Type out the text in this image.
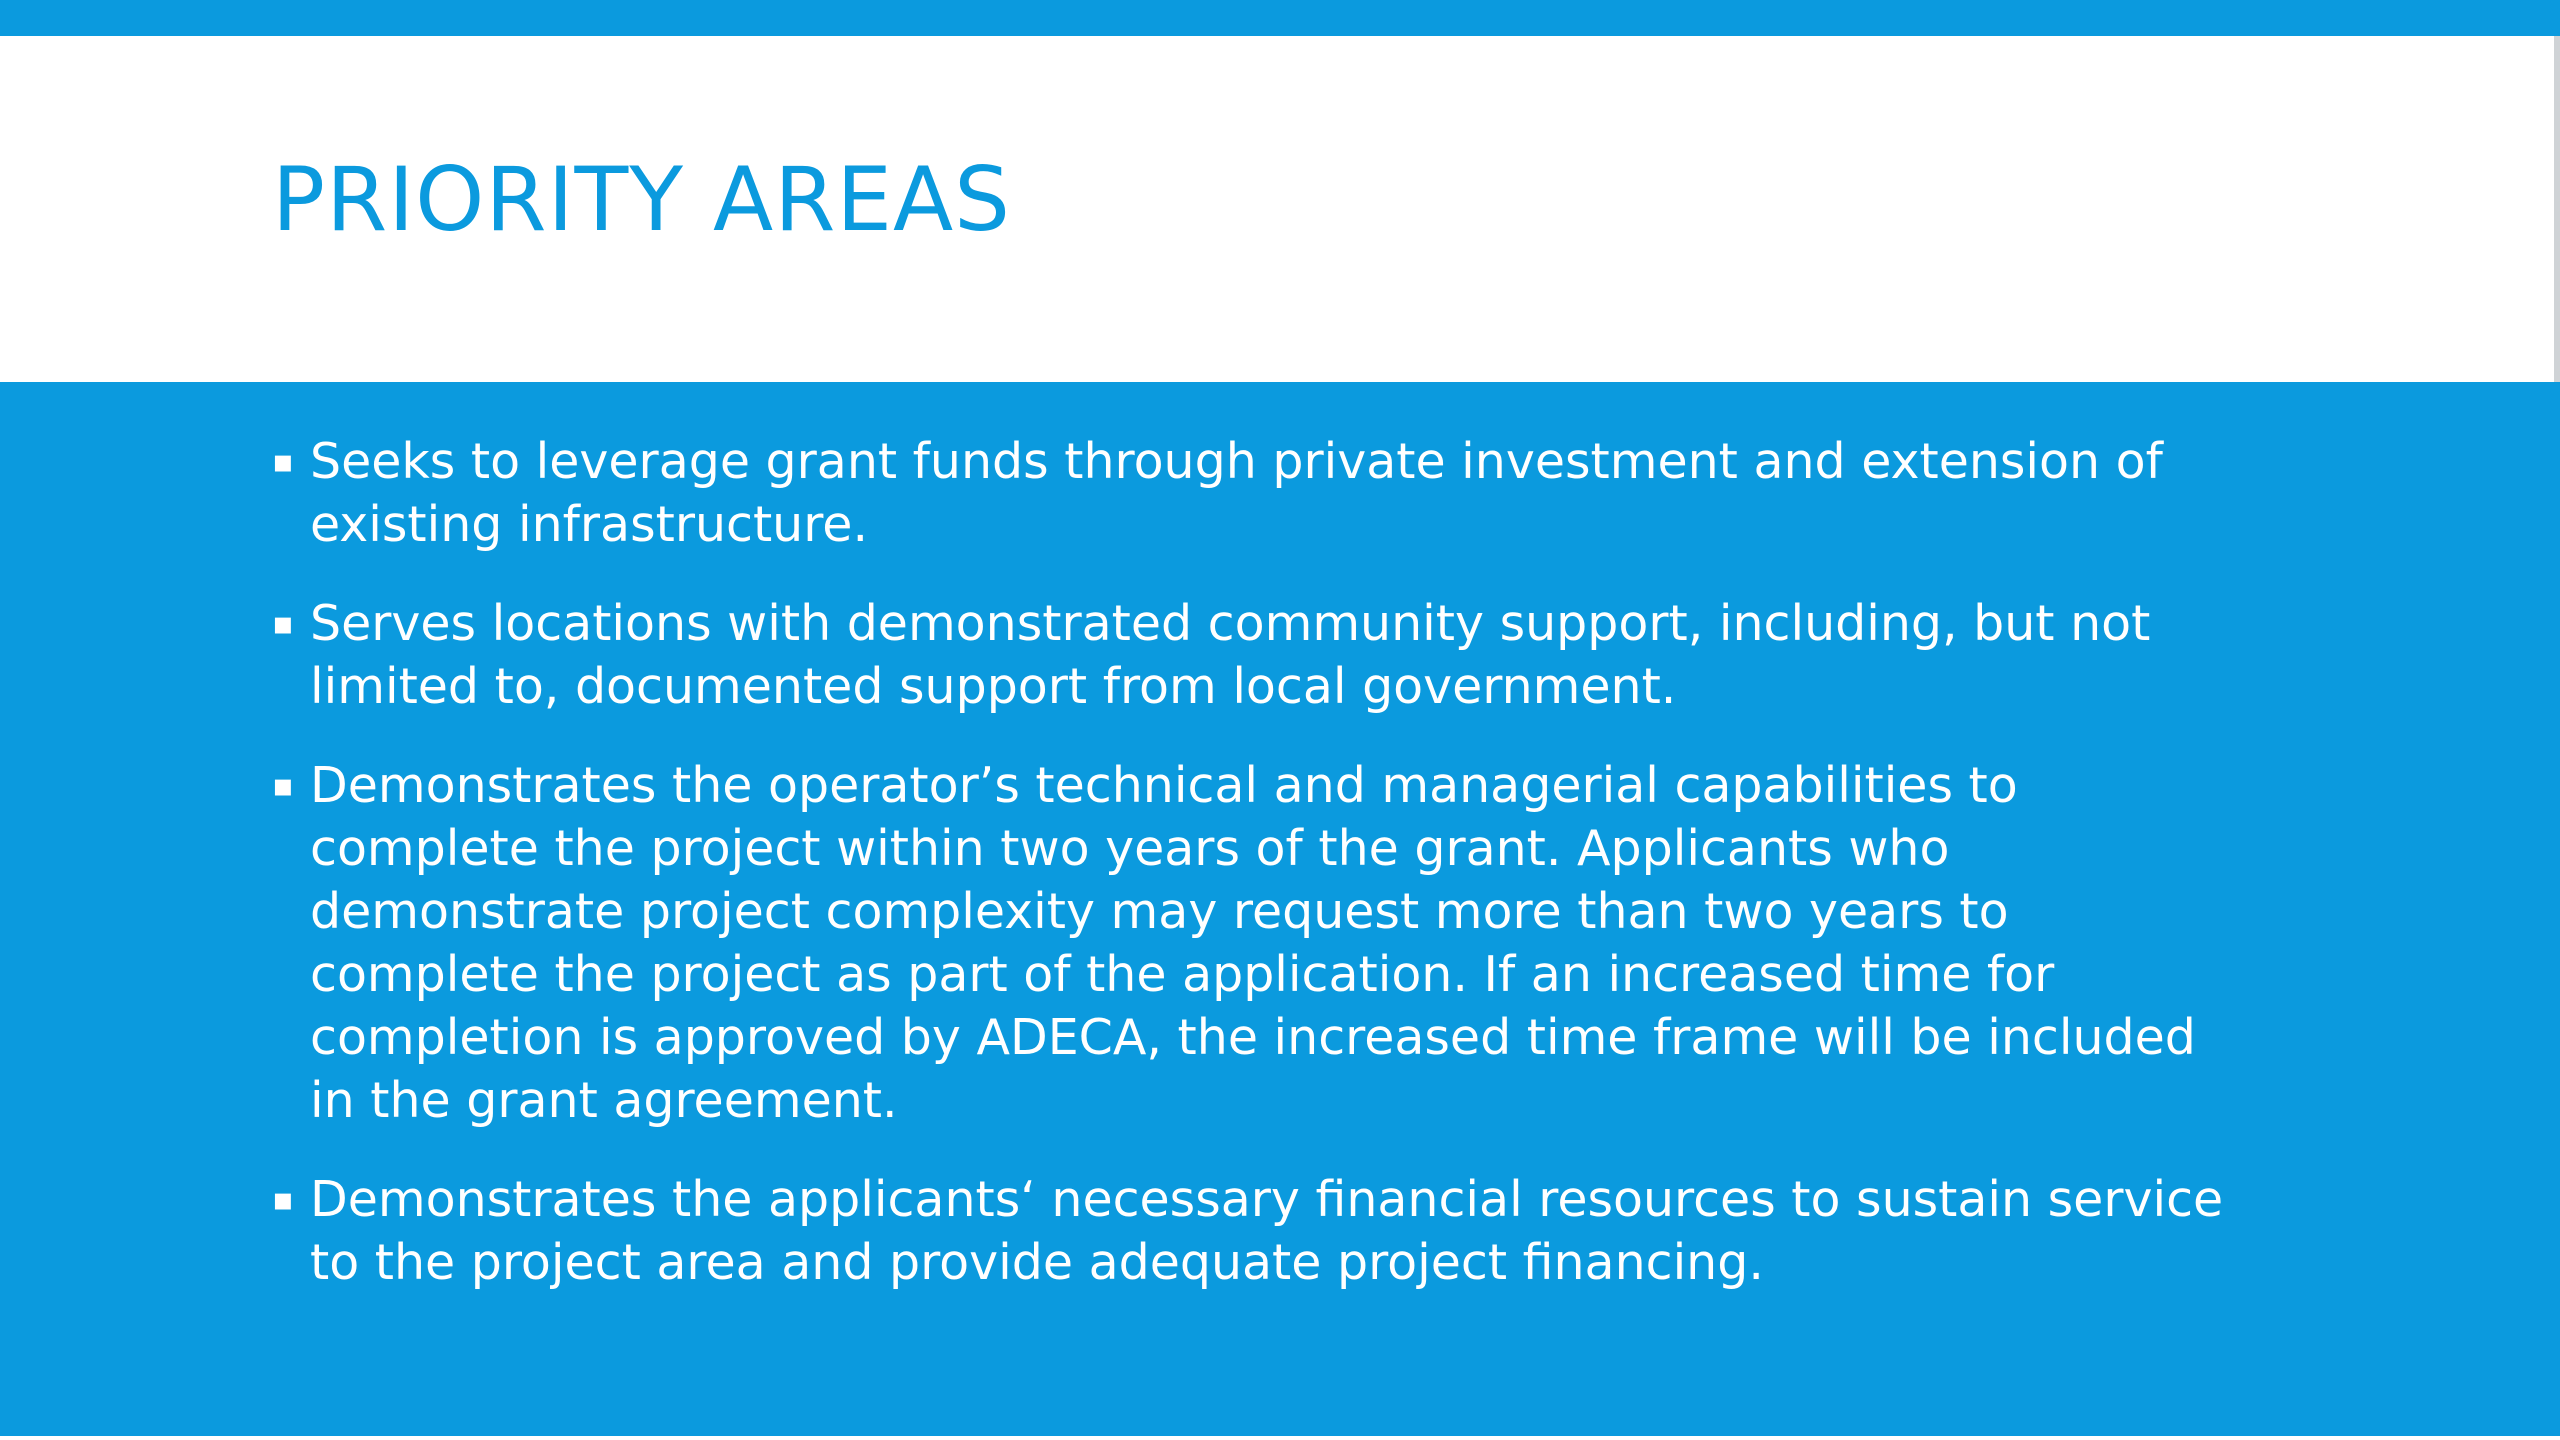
PRIORITY AREAS
▪ Seeks to leverage grant funds through private investment and extension of existing infrastructure.
▪ Serves locations with demonstrated community support, including, but not limited to, documented support from local government.
▪ Demonstrates the operator’s technical and managerial capabilities to complete the project within two years of the grant. Applicants who demonstrate project complexity may request more than two years to complete the project as part of the application. If an increased time for completion is approved by ADECA, the increased time frame will be included in the grant agreement.
▪ Demonstrates the applicants‘ necessary financial resources to sustain service to the project area and provide adequate project financing.
